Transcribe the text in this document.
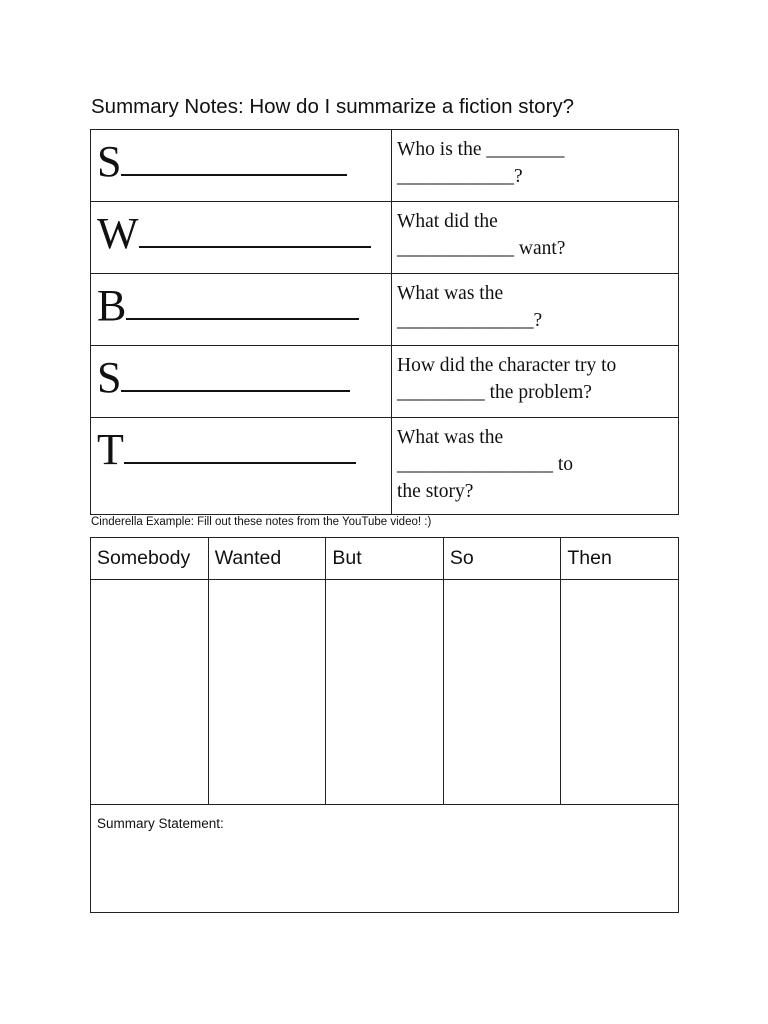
Summary Notes: How do I summarize a fiction story?
S	Who is the ________
____________?

W	What did the
____________ want?

B	What was the
______________?

S	How did the character try to
_________ the problem?

T	What was the
________________ to
the story?
Cinderella Example: Fill out these notes from the YouTube video! :)
Somebody	Wanted	But	So	Then

Summary Statement:				
